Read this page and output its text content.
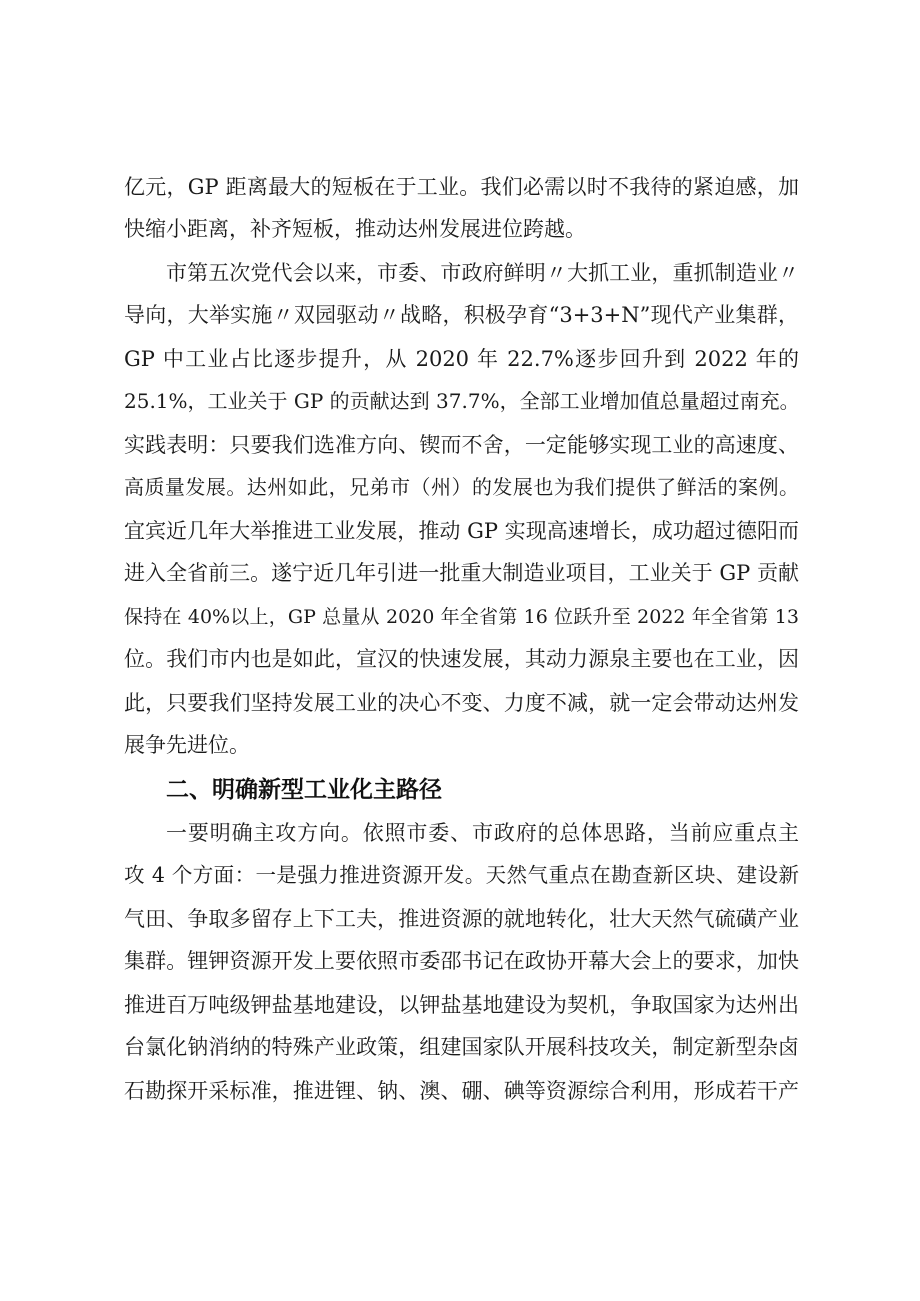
亿元，GP 距离最大的短板在于工业。我们必需以时不我待的紧迫感，加
快缩小距离，补齐短板，推动达州发展进位跨越。
市第五次党代会以来，市委、市政府鲜明〃大抓工业，重抓制造业〃
导向，大举实施〃双园驱动〃战略，积极孕育“3+3+N”现代产业集群，
GP 中工业占比逐步提升，从 2020 年 22.7%逐步回升到 2022 年的
25.1%，工业关于 GP 的贡献达到 37.7%，全部工业增加值总量超过南充。
实践表明：只要我们选准方向、锲而不舍，一定能够实现工业的高速度、
高质量发展。达州如此，兄弟市（州）的发展也为我们提供了鲜活的案例。
宜宾近几年大举推进工业发展，推动 GP 实现高速增长，成功超过德阳而
进入全省前三。遂宁近几年引进一批重大制造业项目，工业关于 GP 贡献
保持在 40%以上，GP 总量从 2020 年全省第 16 位跃升至 2022 年全省第 13
位。我们市内也是如此，宣汉的快速发展，其动力源泉主要也在工业，因
此，只要我们坚持发展工业的决心不变、力度不减，就一定会带动达州发
展争先进位。
二、明确新型工业化主路径
一要明确主攻方向。依照市委、市政府的总体思路，当前应重点主
攻 4 个方面：一是强力推进资源开发。天然气重点在勘查新区块、建设新
气田、争取多留存上下工夫，推进资源的就地转化，壮大天然气硫磺产业
集群。锂钾资源开发上要依照市委邵书记在政协开幕大会上的要求，加快
推进百万吨级钾盐基地建设，以钾盐基地建设为契机，争取国家为达州出
台氯化钠消纳的特殊产业政策，组建国家队开展科技攻关，制定新型杂卤
石勘探开采标准，推进锂、钠、澳、硼、碘等资源综合利用，形成若干产
